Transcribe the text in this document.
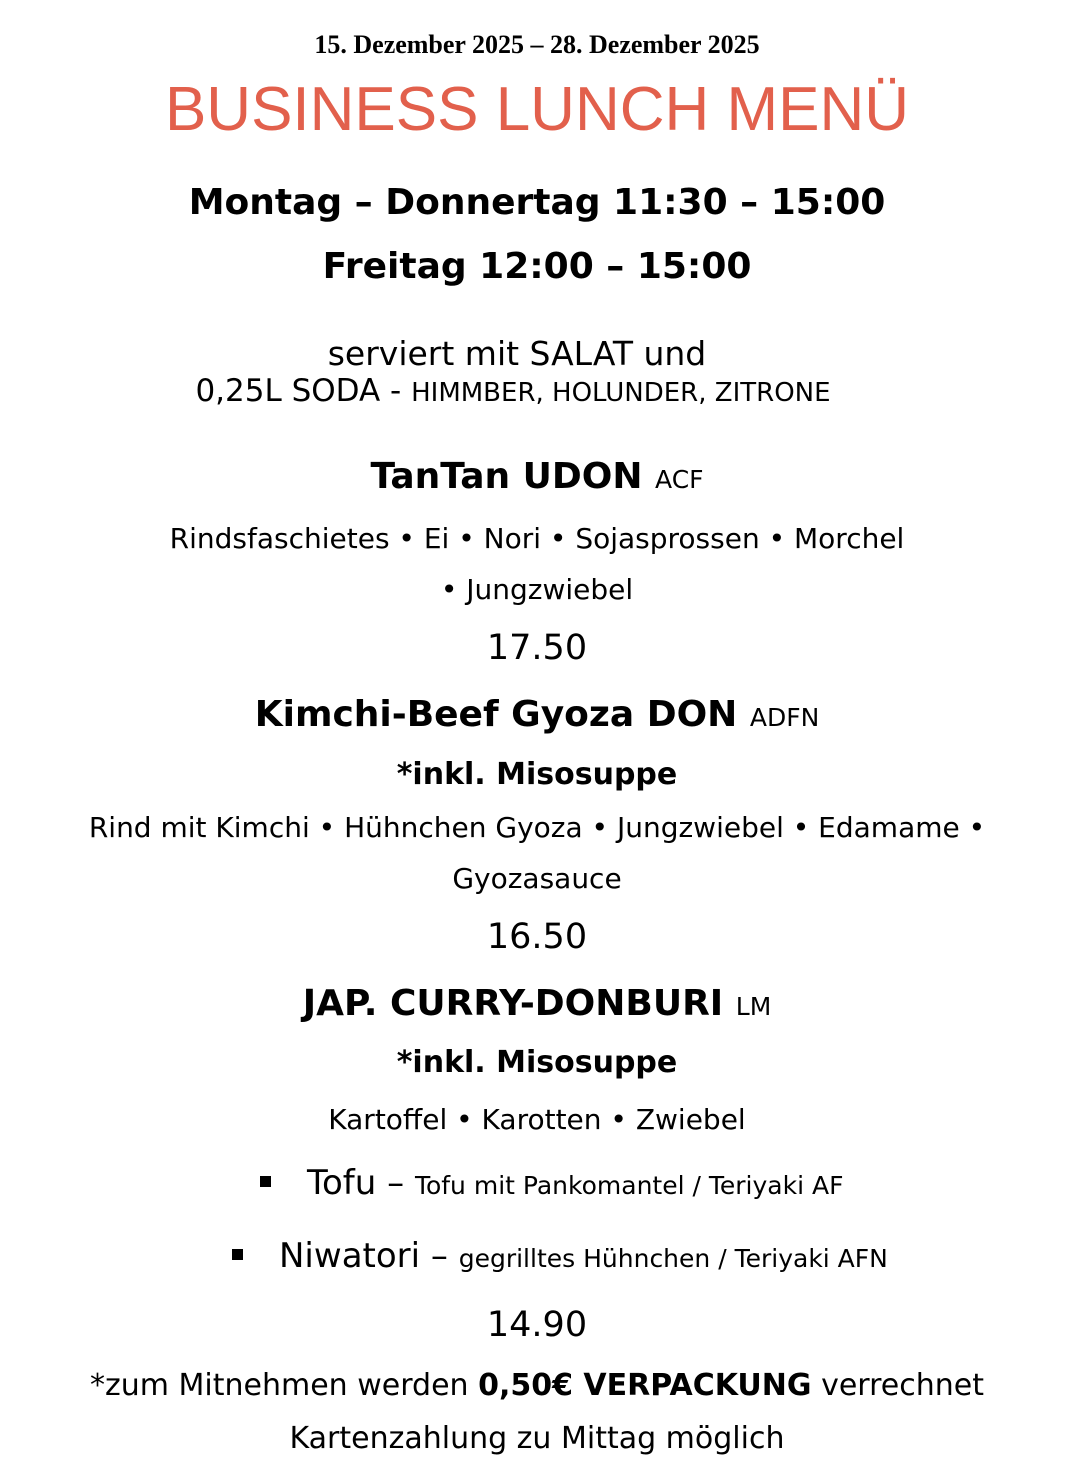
15. Dezember 2025 – 28. Dezember 2025
BUSINESS LUNCH MENÜ
Montag – Donnertag 11:30 – 15:00
Freitag 12:00 – 15:00
serviert mit SALAT und
0,25L SODA - HIMMBER, HOLUNDER, ZITRONE
TanTan UDON ACF
Rindsfaschietes • Ei • Nori • Sojasprossen • Morchel
• Jungzwiebel
17.50
Kimchi-Beef Gyoza DON ADFN
*inkl. Misosuppe
Rind mit Kimchi • Hühnchen Gyoza • Jungzwiebel • Edamame •
Gyozasauce
16.50
JAP. CURRY-DONBURI LM
*inkl. Misosuppe
Kartoffel • Karotten • Zwiebel
Tofu – Tofu mit Pankomantel / Teriyaki AF
Niwatori – gegrilltes Hühnchen / Teriyaki AFN
14.90
*zum Mitnehmen werden 0,50€ VERPACKUNG verrechnet
Kartenzahlung zu Mittag möglich
